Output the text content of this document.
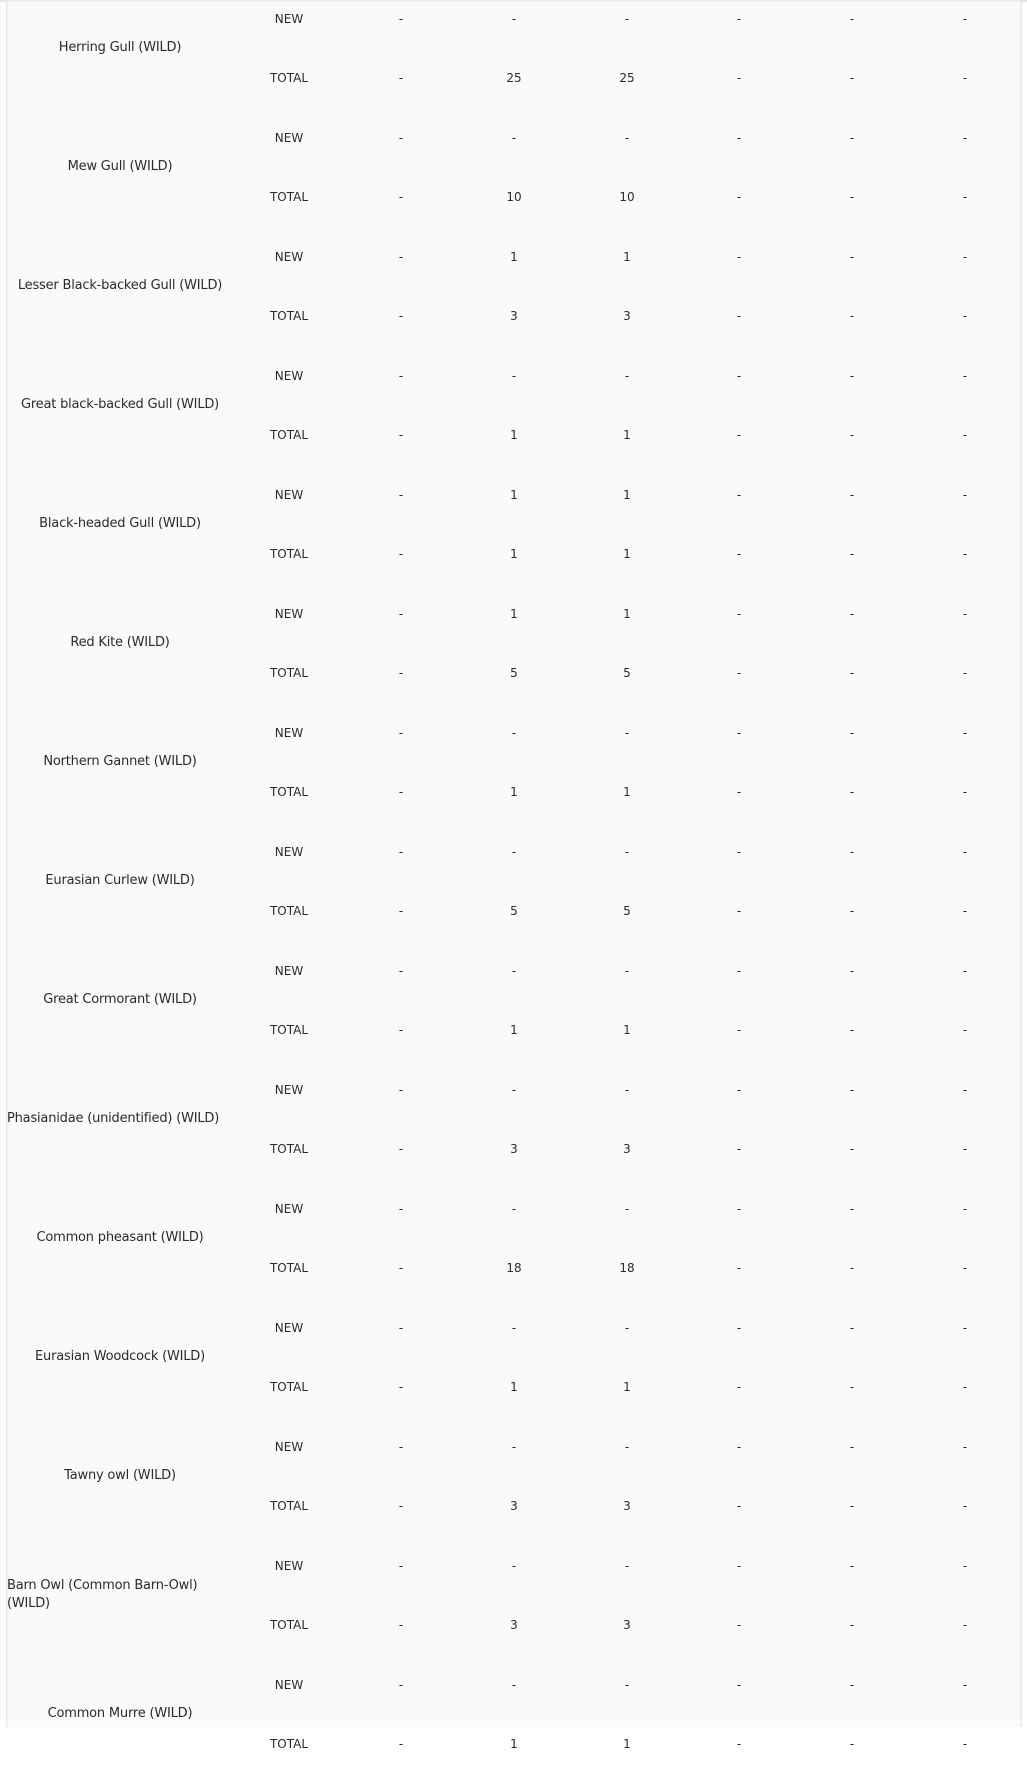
Herring Gull (WILD)
NEW	-	-	-	-	-	-
TOTAL	-	25	25	-	-	-
Mew Gull (WILD)
NEW	-	-	-	-	-	-
TOTAL	-	10	10	-	-	-
Lesser Black-backed Gull (WILD)
NEW	-	1	1	-	-	-
TOTAL	-	3	3	-	-	-
Great black-backed Gull (WILD)
NEW	-	-	-	-	-	-
TOTAL	-	1	1	-	-	-
Black-headed Gull (WILD)
NEW	-	1	1	-	-	-
TOTAL	-	1	1	-	-	-
Red Kite (WILD)
NEW	-	1	1	-	-	-
TOTAL	-	5	5	-	-	-
Northern Gannet (WILD)
NEW	-	-	-	-	-	-
TOTAL	-	1	1	-	-	-
Eurasian Curlew (WILD)
NEW	-	-	-	-	-	-
TOTAL	-	5	5	-	-	-
Great Cormorant (WILD)
NEW	-	-	-	-	-	-
TOTAL	-	1	1	-	-	-
Phasianidae (unidentified) (WILD)
NEW	-	-	-	-	-	-
TOTAL	-	3	3	-	-	-
Common pheasant (WILD)
NEW	-	-	-	-	-	-
TOTAL	-	18	18	-	-	-
Eurasian Woodcock (WILD)
NEW	-	-	-	-	-	-
TOTAL	-	1	1	-	-	-
Tawny owl (WILD)
NEW	-	-	-	-	-	-
TOTAL	-	3	3	-	-	-
Barn Owl (Common Barn-Owl) (WILD)
NEW	-	-	-	-	-	-
TOTAL	-	3	3	-	-	-
Common Murre (WILD)
NEW	-	-	-	-	-	-
TOTAL	-	1	1	-	-	-
